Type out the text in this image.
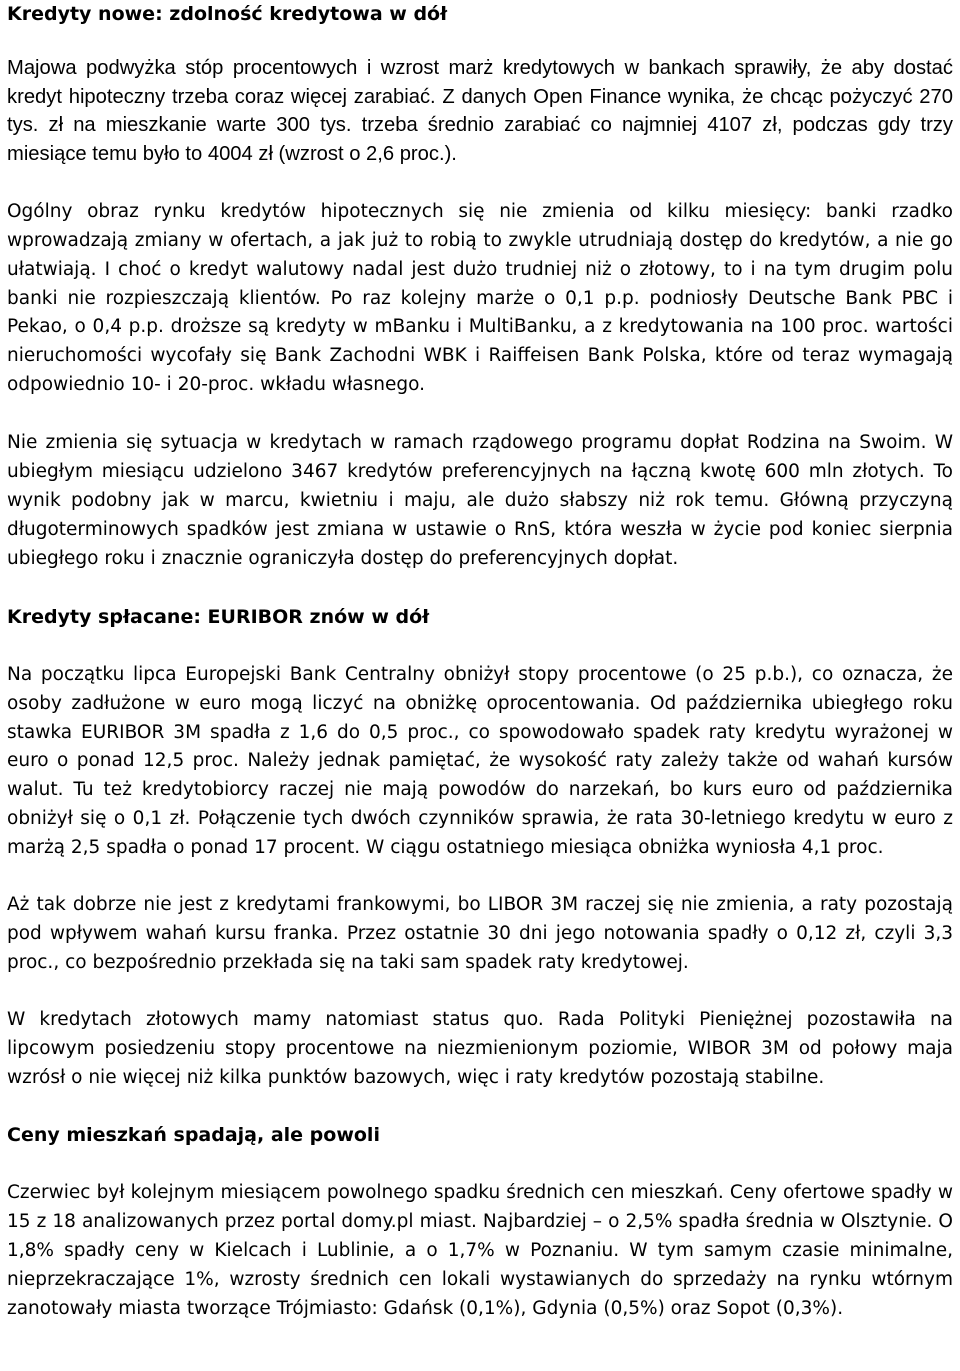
Kredyty nowe: zdolność kredytowa w dół

Majowa podwyżka stóp procentowych i wzrost marż kredytowych w bankach sprawiły, że aby dostać kredyt hipoteczny trzeba coraz więcej zarabiać. Z danych Open Finance wynika, że chcąc pożyczyć 270 tys. zł na mieszkanie warte 300 tys. trzeba średnio zarabiać co najmniej 4107 zł, podczas gdy trzy miesiące temu było to 4004 zł (wzrost o 2,6 proc.).

Ogólny obraz rynku kredytów hipotecznych się nie zmienia od kilku miesięcy: banki rzadko wprowadzają zmiany w ofertach, a jak już to robią to zwykle utrudniają dostęp do kredytów, a nie go ułatwiają. I choć o kredyt walutowy nadal jest dużo trudniej niż o złotowy, to i na tym drugim polu banki nie rozpieszczają klientów. Po raz kolejny marże o 0,1 p.p. podniosły Deutsche Bank PBC i Pekao, o 0,4 p.p. droższe są kredyty w mBanku i MultiBanku, a z kredytowania na 100 proc. wartości nieruchomości wycofały się Bank Zachodni WBK i Raiffeisen Bank Polska, które od teraz wymagają odpowiednio 10- i 20-proc. wkładu własnego.

Nie zmienia się sytuacja w kredytach w ramach rządowego programu dopłat Rodzina na Swoim. W ubiegłym miesiącu udzielono 3467 kredytów preferencyjnych na łączną kwotę 600 mln złotych. To wynik podobny jak w marcu, kwietniu i maju, ale dużo słabszy niż rok temu. Główną przyczyną długoterminowych spadków jest zmiana w ustawie o RnS, która weszła w życie pod koniec sierpnia ubiegłego roku i znacznie ograniczyła dostęp do preferencyjnych dopłat.

Kredyty spłacane: EURIBOR znów w dół

Na początku lipca Europejski Bank Centralny obniżył stopy procentowe (o 25 p.b.), co oznacza, że osoby zadłużone w euro mogą liczyć na obniżkę oprocentowania. Od października ubiegłego roku stawka EURIBOR 3M spadła z 1,6 do 0,5 proc., co spowodowało spadek raty kredytu wyrażonej w euro o ponad 12,5 proc. Należy jednak pamiętać, że wysokość raty zależy także od wahań kursów walut. Tu też kredytobiorcy raczej nie mają powodów do narzekań, bo kurs euro od października obniżył się o 0,1 zł. Połączenie tych dwóch czynników sprawia, że rata 30-letniego kredytu w euro z marżą 2,5 spadła o ponad 17 procent. W ciągu ostatniego miesiąca obniżka wyniosła 4,1 proc.

Aż tak dobrze nie jest z kredytami frankowymi, bo LIBOR 3M raczej się nie zmienia, a raty pozostają pod wpływem wahań kursu franka. Przez ostatnie 30 dni jego notowania spadły o 0,12 zł, czyli 3,3 proc., co bezpośrednio przekłada się na taki sam spadek raty kredytowej.

W kredytach złotowych mamy natomiast status quo. Rada Polityki Pieniężnej pozostawiła na lipcowym posiedzeniu stopy procentowe na niezmienionym poziomie, WIBOR 3M od połowy maja wzrósł o nie więcej niż kilka punktów bazowych, więc i raty kredytów pozostają stabilne.

Ceny mieszkań spadają, ale powoli

Czerwiec był kolejnym miesiącem powolnego spadku średnich cen mieszkań. Ceny ofertowe spadły w 15 z 18 analizowanych przez portal domy.pl miast. Najbardziej – o 2,5% spadła średnia w Olsztynie. O 1,8% spadły ceny w Kielcach i Lublinie, a o 1,7% w Poznaniu. W tym samym czasie minimalne, nieprzekraczające 1%, wzrosty średnich cen lokali wystawianych do sprzedaży na rynku wtórnym zanotowały miasta tworzące Trójmiasto: Gdańsk (0,1%), Gdynia (0,5%) oraz Sopot (0,3%).
